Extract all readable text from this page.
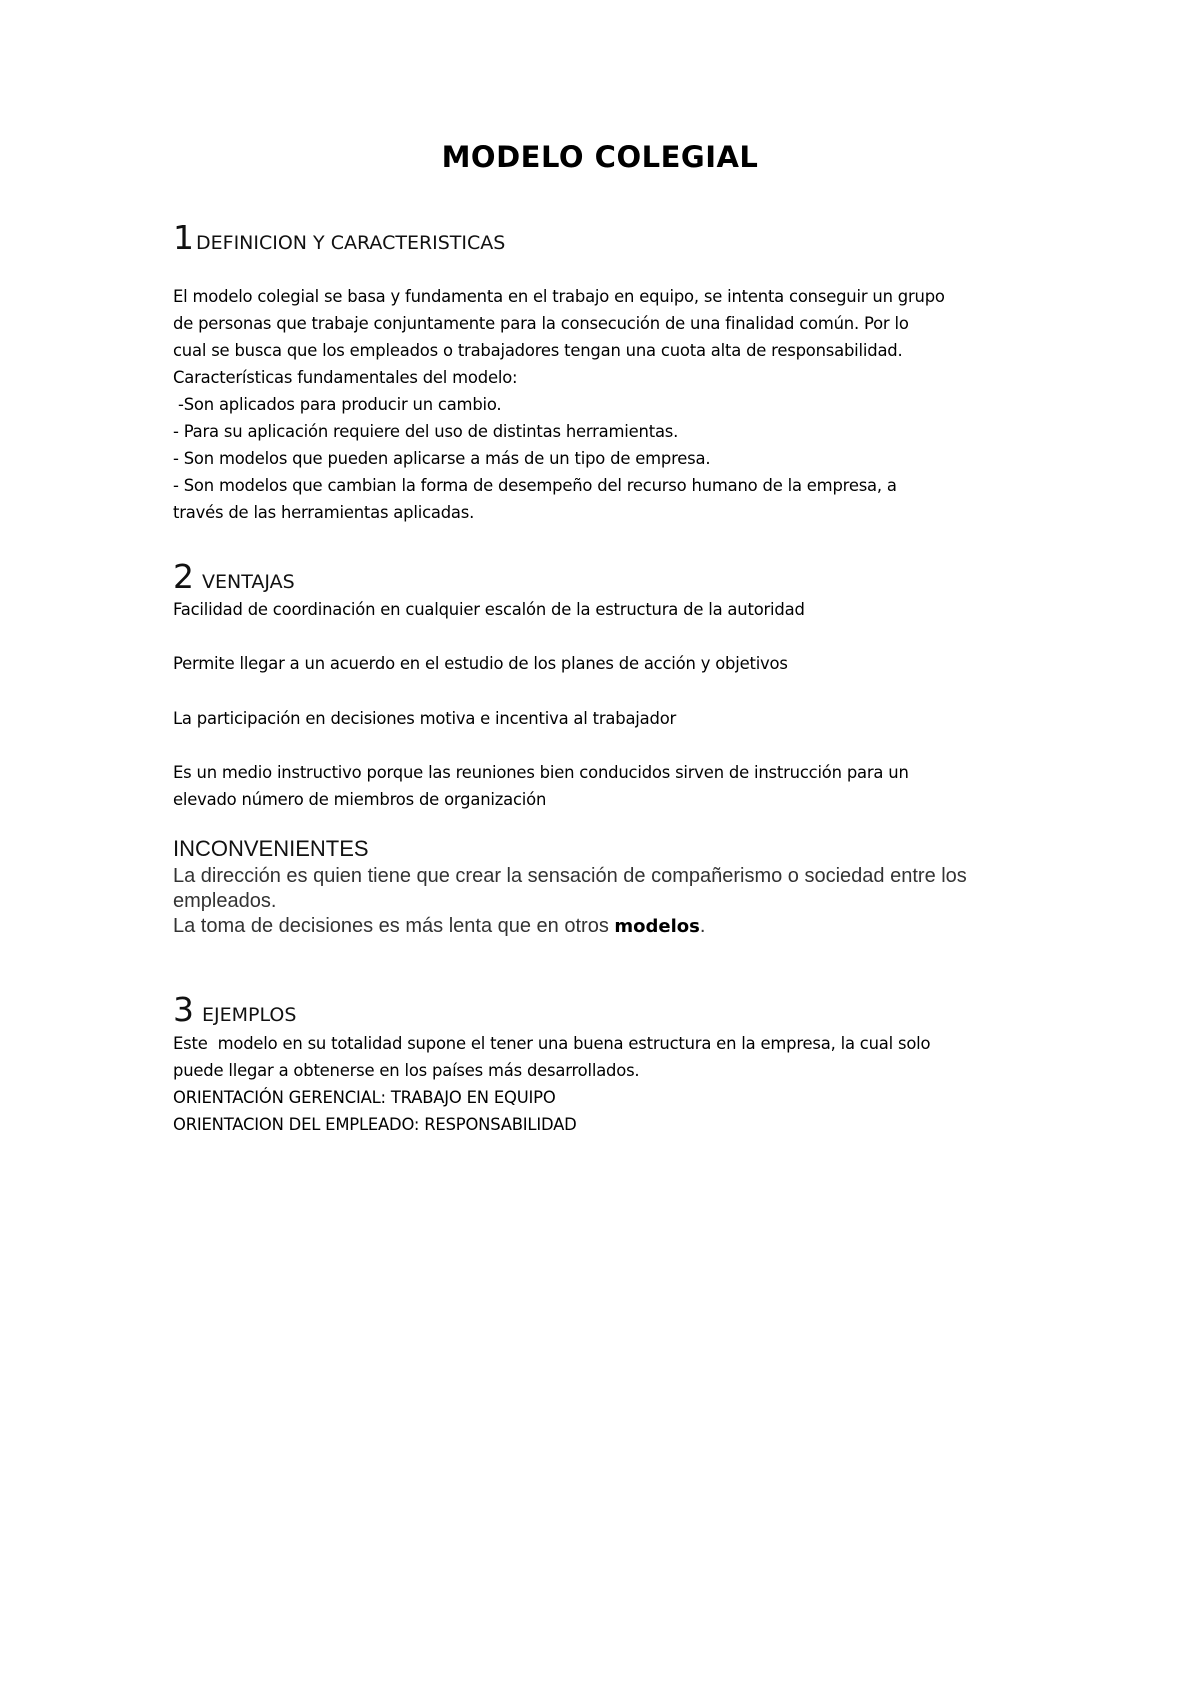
MODELO COLEGIAL
1 DEFINICION Y CARACTERISTICAS
El modelo colegial se basa y fundamenta en el trabajo en equipo, se intenta conseguir un grupo
de personas que trabaje conjuntamente para la consecución de una finalidad común. Por lo
cual se busca que los empleados o trabajadores tengan una cuota alta de responsabilidad.
Características fundamentales del modelo:
-Son aplicados para producir un cambio.
- Para su aplicación requiere del uso de distintas herramientas.
- Son modelos que pueden aplicarse a más de un tipo de empresa.
- Son modelos que cambian la forma de desempeño del recurso humano de la empresa, a
través de las herramientas aplicadas.
2 VENTAJAS
Facilidad de coordinación en cualquier escalón de la estructura de la autoridad
Permite llegar a un acuerdo en el estudio de los planes de acción y objetivos
La participación en decisiones motiva e incentiva al trabajador
Es un medio instructivo porque las reuniones bien conducidos sirven de instrucción para un
elevado número de miembros de organización
INCONVENIENTES
La dirección es quien tiene que crear la sensación de compañerismo o sociedad entre los
empleados.
La toma de decisiones es más lenta que en otros modelos.
3 EJEMPLOS
Este  modelo en su totalidad supone el tener una buena estructura en la empresa, la cual solo
puede llegar a obtenerse en los países más desarrollados.
ORIENTACIÓN GERENCIAL: TRABAJO EN EQUIPO
ORIENTACION DEL EMPLEADO: RESPONSABILIDAD
